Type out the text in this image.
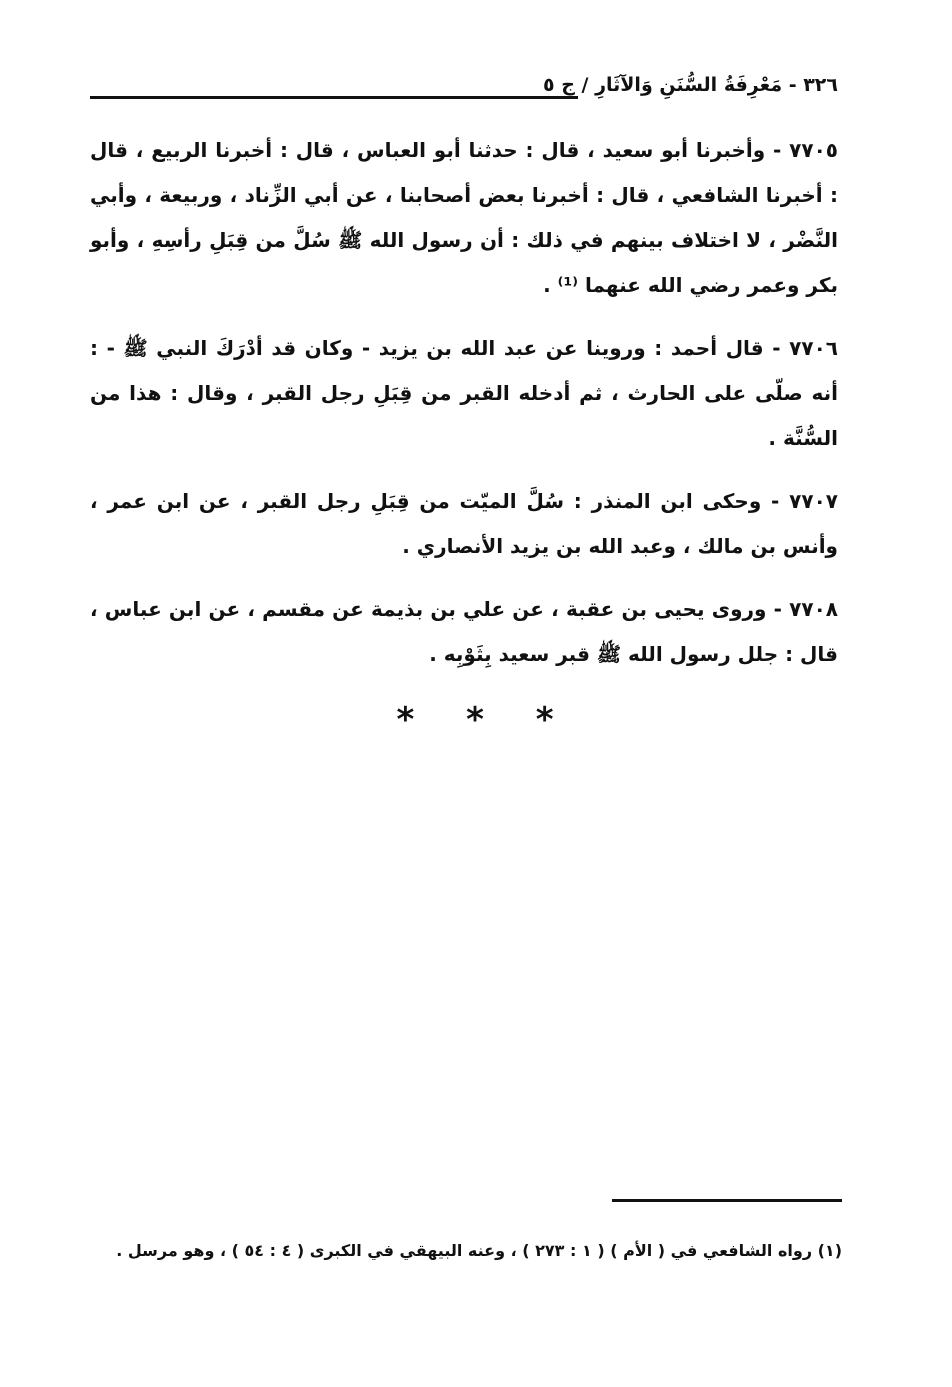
٣٢٦ - مَعْرِفَةُ السُّنَنِ وَالآثَارِ / ج ٥

٧٧٠٥ - وأخبرنا أبو سعيد ، قال : حدثنا أبو العباس ، قال : أخبرنا الربيع ، قال : أخبرنا الشافعي ، قال : أخبرنا بعض أصحابنا ، عن أبي الزِّناد ، وربيعة ، وأبي النَّضْر ، لا اختلاف بينهم في ذلك : أن رسول الله ﷺ سُلَّ من قِبَلِ رأسِهِ ، وأبو بكر وعمر رضي الله عنهما ⁽¹⁾ .

٧٧٠٦ - قال أحمد : وروينا عن عبد الله بن يزيد - وكان قد أدْرَكَ النبي ﷺ - : أنه صلّى على الحارث ، ثم أدخله القبر من قِبَلِ رجل القبر ، وقال : هذا من السُّنَّة .

٧٧٠٧ - وحكى ابن المنذر : سُلَّ الميّت من قِبَلِ رجل القبر ، عن ابن عمر ، وأنس بن مالك ، وعبد الله بن يزيد الأنصاري .

٧٧٠٨ - وروى يحيى بن عقبة ، عن علي بن بذيمة عن مقسم ، عن ابن عباس ، قال : جلل رسول الله ﷺ قبر سعيد بِثَوْبِه .

* * *
(١) رواه الشافعي في ( الأم ) ( ١ : ٢٧٣ ) ، وعنه البيهقي في الكبرى ( ٤ : ٥٤ ) ، وهو مرسل .
